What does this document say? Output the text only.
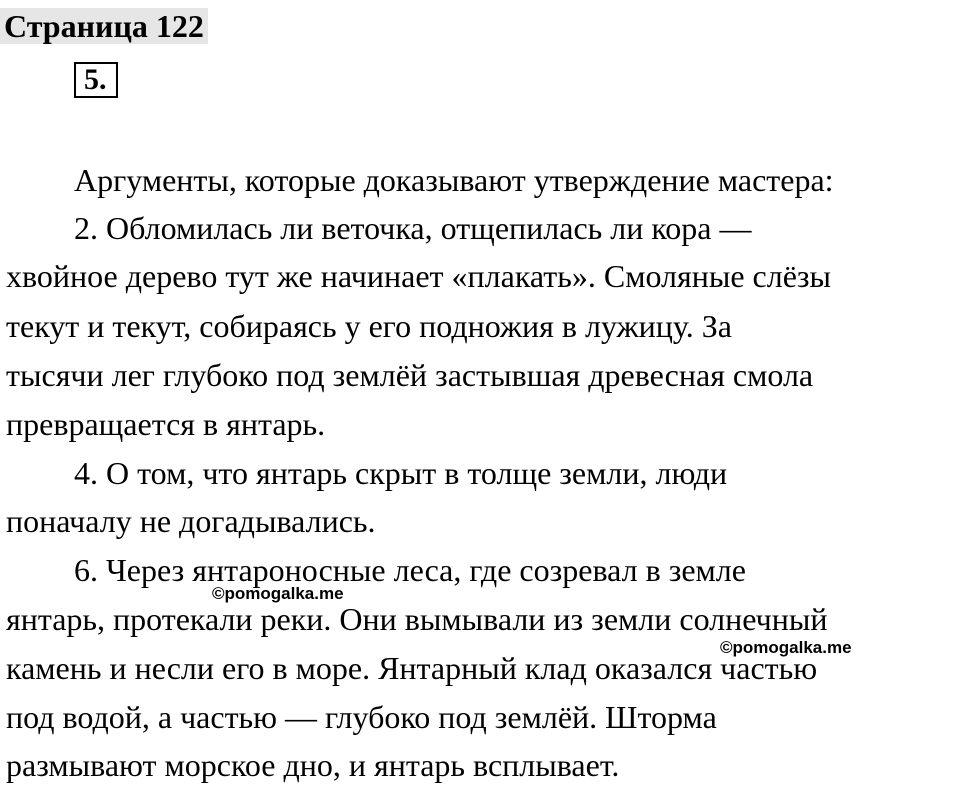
Страница 122
5.
Аргументы, которые доказывают утверждение мастера:
2. Обломилась ли веточка, отщепилась ли кора —
хвойное дерево тут же начинает «плакать». Смоляные слёзы
текут и текут, собираясь у его подножия в лужицу. За
тысячи лег глубоко под землёй застывшая древесная смола
превращается в янтарь.
4. О том, что янтарь скрыт в толще земли, люди
поначалу не догадывались.
6. Через янтароносные леса, где созревал в земле
янтарь, протекали реки. Они вымывали из земли солнечный
камень и несли его в море. Янтарный клад оказался частью
под водой, а частью — глубоко под землёй. Шторма
размывают морское дно, и янтарь всплывает.
©pomogalka.me
©pomogalka.me
